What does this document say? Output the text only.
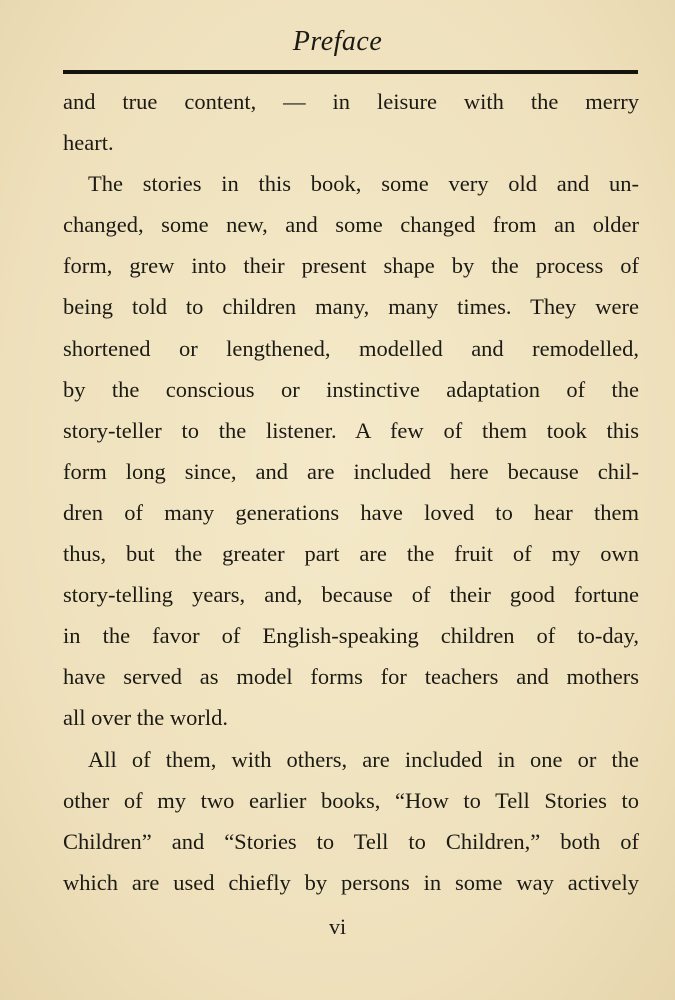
Preface
and true content, — in leisure with the merry
heart.
The stories in this book, some very old and un-
changed, some new, and some changed from an older
form, grew into their present shape by the process of
being told to children many, many times. They were
shortened or lengthened, modelled and remodelled,
by the conscious or instinctive adaptation of the
story-teller to the listener. A few of them took this
form long since, and are included here because chil-
dren of many generations have loved to hear them
thus, but the greater part are the fruit of my own
story-telling years, and, because of their good fortune
in the favor of English-speaking children of to-day,
have served as model forms for teachers and mothers
all over the world.
All of them, with others, are included in one or the
other of my two earlier books, “How to Tell Stories to
Children” and “Stories to Tell to Children,” both of
which are used chiefly by persons in some way actively
vi
